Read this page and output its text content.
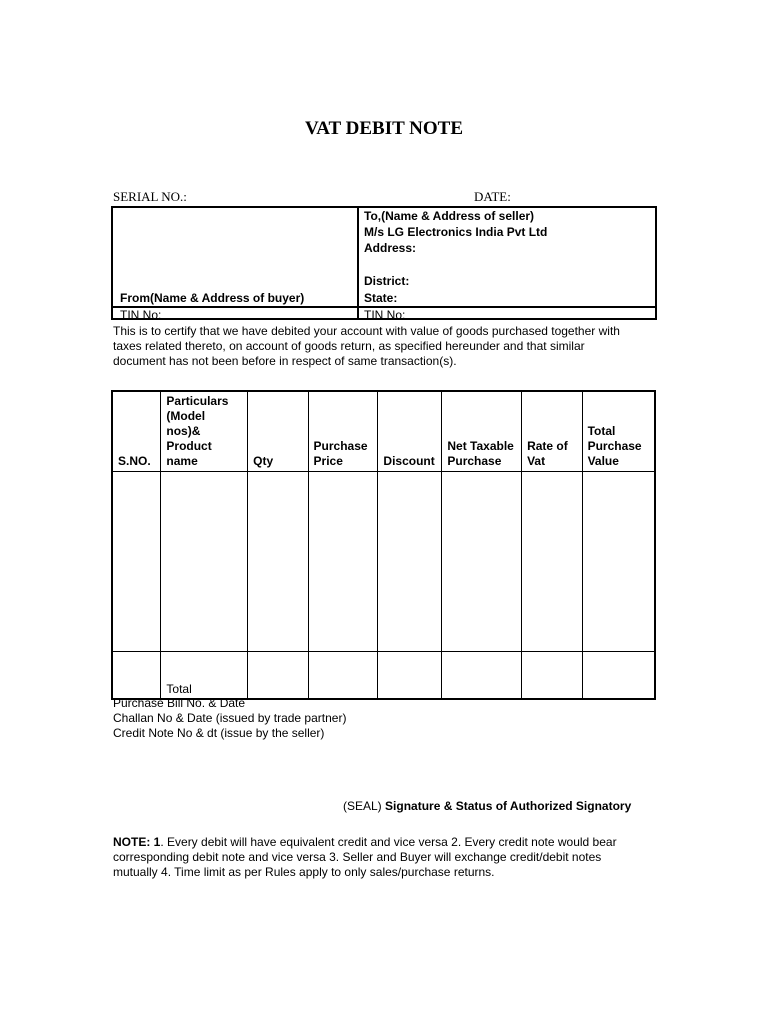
VAT DEBIT NOTE
SERIAL NO.:	DATE:
From(Name & Address of buyer)
To,(Name & Address of seller)
M/s LG Electronics India Pvt Ltd
Address:
District:
State:
TIN No:	TIN No:
This is to certify that we have debited your account with value of goods purchased together with
taxes related thereto, on account of goods return, as specified hereunder and that similar
document has not been before in respect of same transaction(s).
S.NO.	Particulars (Model nos)& Product name	Qty	Purchase Price	Discount	Net Taxable Purchase	Rate of Vat	Total Purchase Value

	Total						
Purchase Bill No. & Date
Challan No & Date (issued by trade partner)
Credit Note No & dt (issue by the seller)
(SEAL) Signature & Status of Authorized Signatory
NOTE: 1. Every debit will have equivalent credit and vice versa 2. Every credit note would bear
corresponding debit note and vice versa 3. Seller and Buyer will exchange credit/debit notes
mutually 4. Time limit as per Rules apply to only sales/purchase returns.
